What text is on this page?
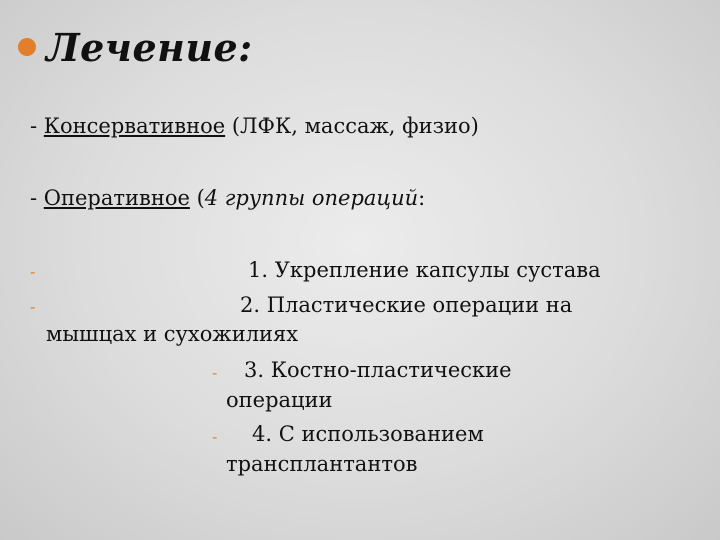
Лечение:
- Консервативное (ЛФК, массаж, физио)
- Оперативное (4 группы операций:
-	1. Укрепление капсулы сустава
-	2. Пластические операции на
мышцах и сухожилиях
- 3. Костно-пластические
операции
- 4. С использованием
трансплантантов
